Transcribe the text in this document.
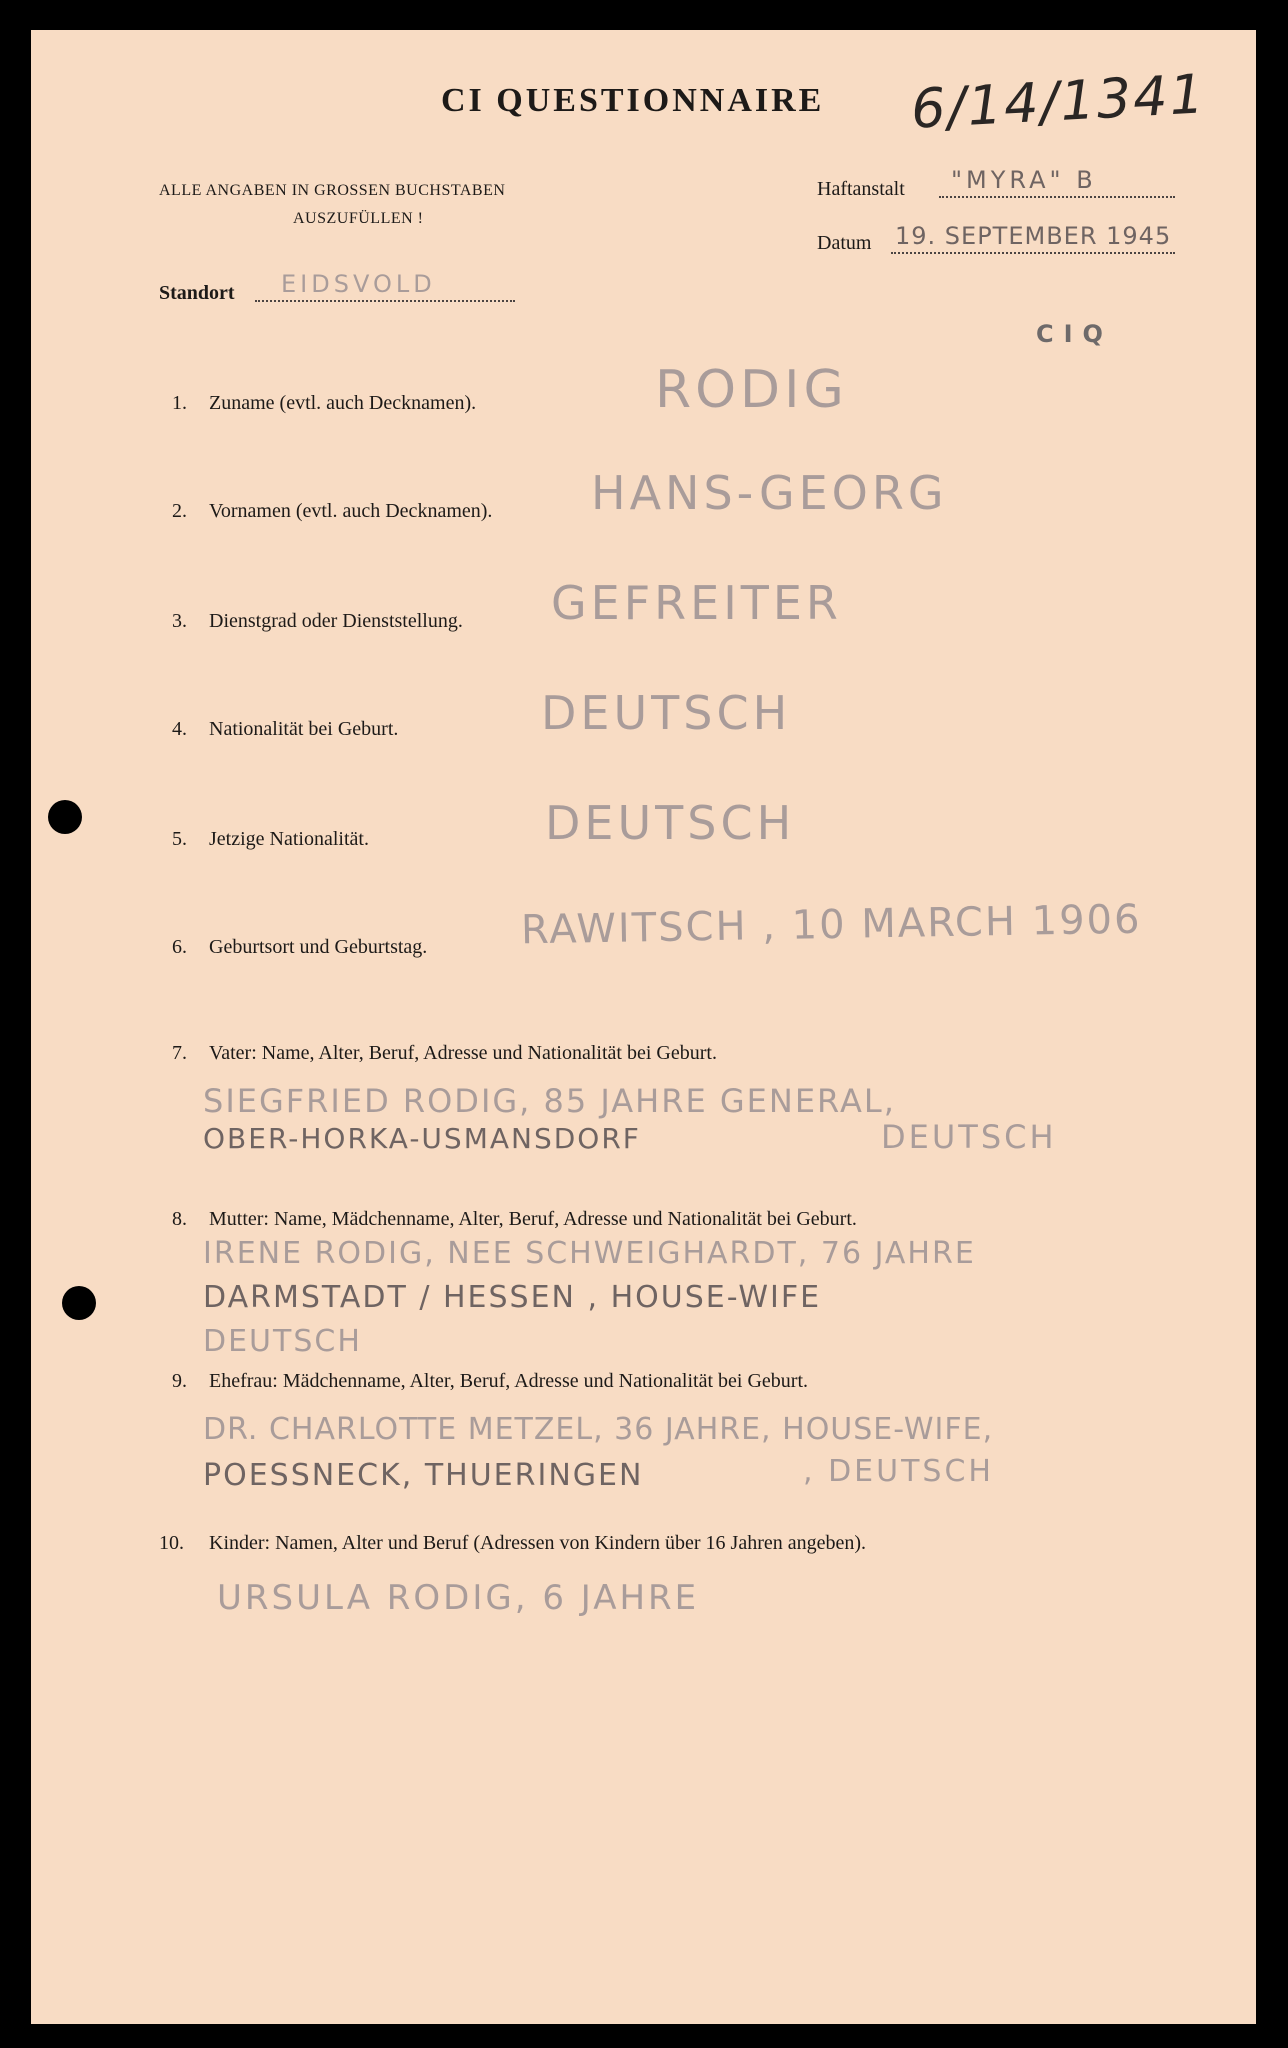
CI QUESTIONNAIRE 6/14/1341
ALLE ANGABEN IN GROSSEN BUCHSTABEN
AUSZUFÜLLEN !
Haftanstalt "MYRA" B
Datum 19. SEPTEMBER 1945
Standort EIDSVOLD
CIQ
1. Zuname (evtl. auch Decknamen).	RODIG
2. Vornamen (evtl. auch Decknamen). HANS-GEORG
3. Dienstgrad oder Dienststellung. GEFREITER
4. Nationalität bei Geburt.	DEUTSCH
5. Jetzige Nationalität.	DEUTSCH
6. Geburtsort und Geburtstag. RAWITSCH , 10 MARCH 1906
7. Vater: Name, Alter, Beruf, Adresse und Nationalität bei Geburt.
SIEGFRIED RODIG, 85 JAHRE GENERAL,
OBER-HORKA-USMANSDORF	DEUTSCH
8. Mutter: Name, Mädchenname, Alter, Beruf, Adresse und Nationalität bei Geburt.
IRENE RODIG, NEE SCHWEIGHARDT, 76 JAHRE
DARMSTADT / HESSEN , HOUSE-WIFE
DEUTSCH
9. Ehefrau: Mädchenname, Alter, Beruf, Adresse und Nationalität bei Geburt.
DR. CHARLOTTE METZEL, 36 JAHRE, HOUSE-WIFE,
POESSNECK, THUERINGEN	, DEUTSCH
10. Kinder: Namen, Alter und Beruf (Adressen von Kindern über 16 Jahren angeben).
URSULA RODIG, 6 JAHRE
